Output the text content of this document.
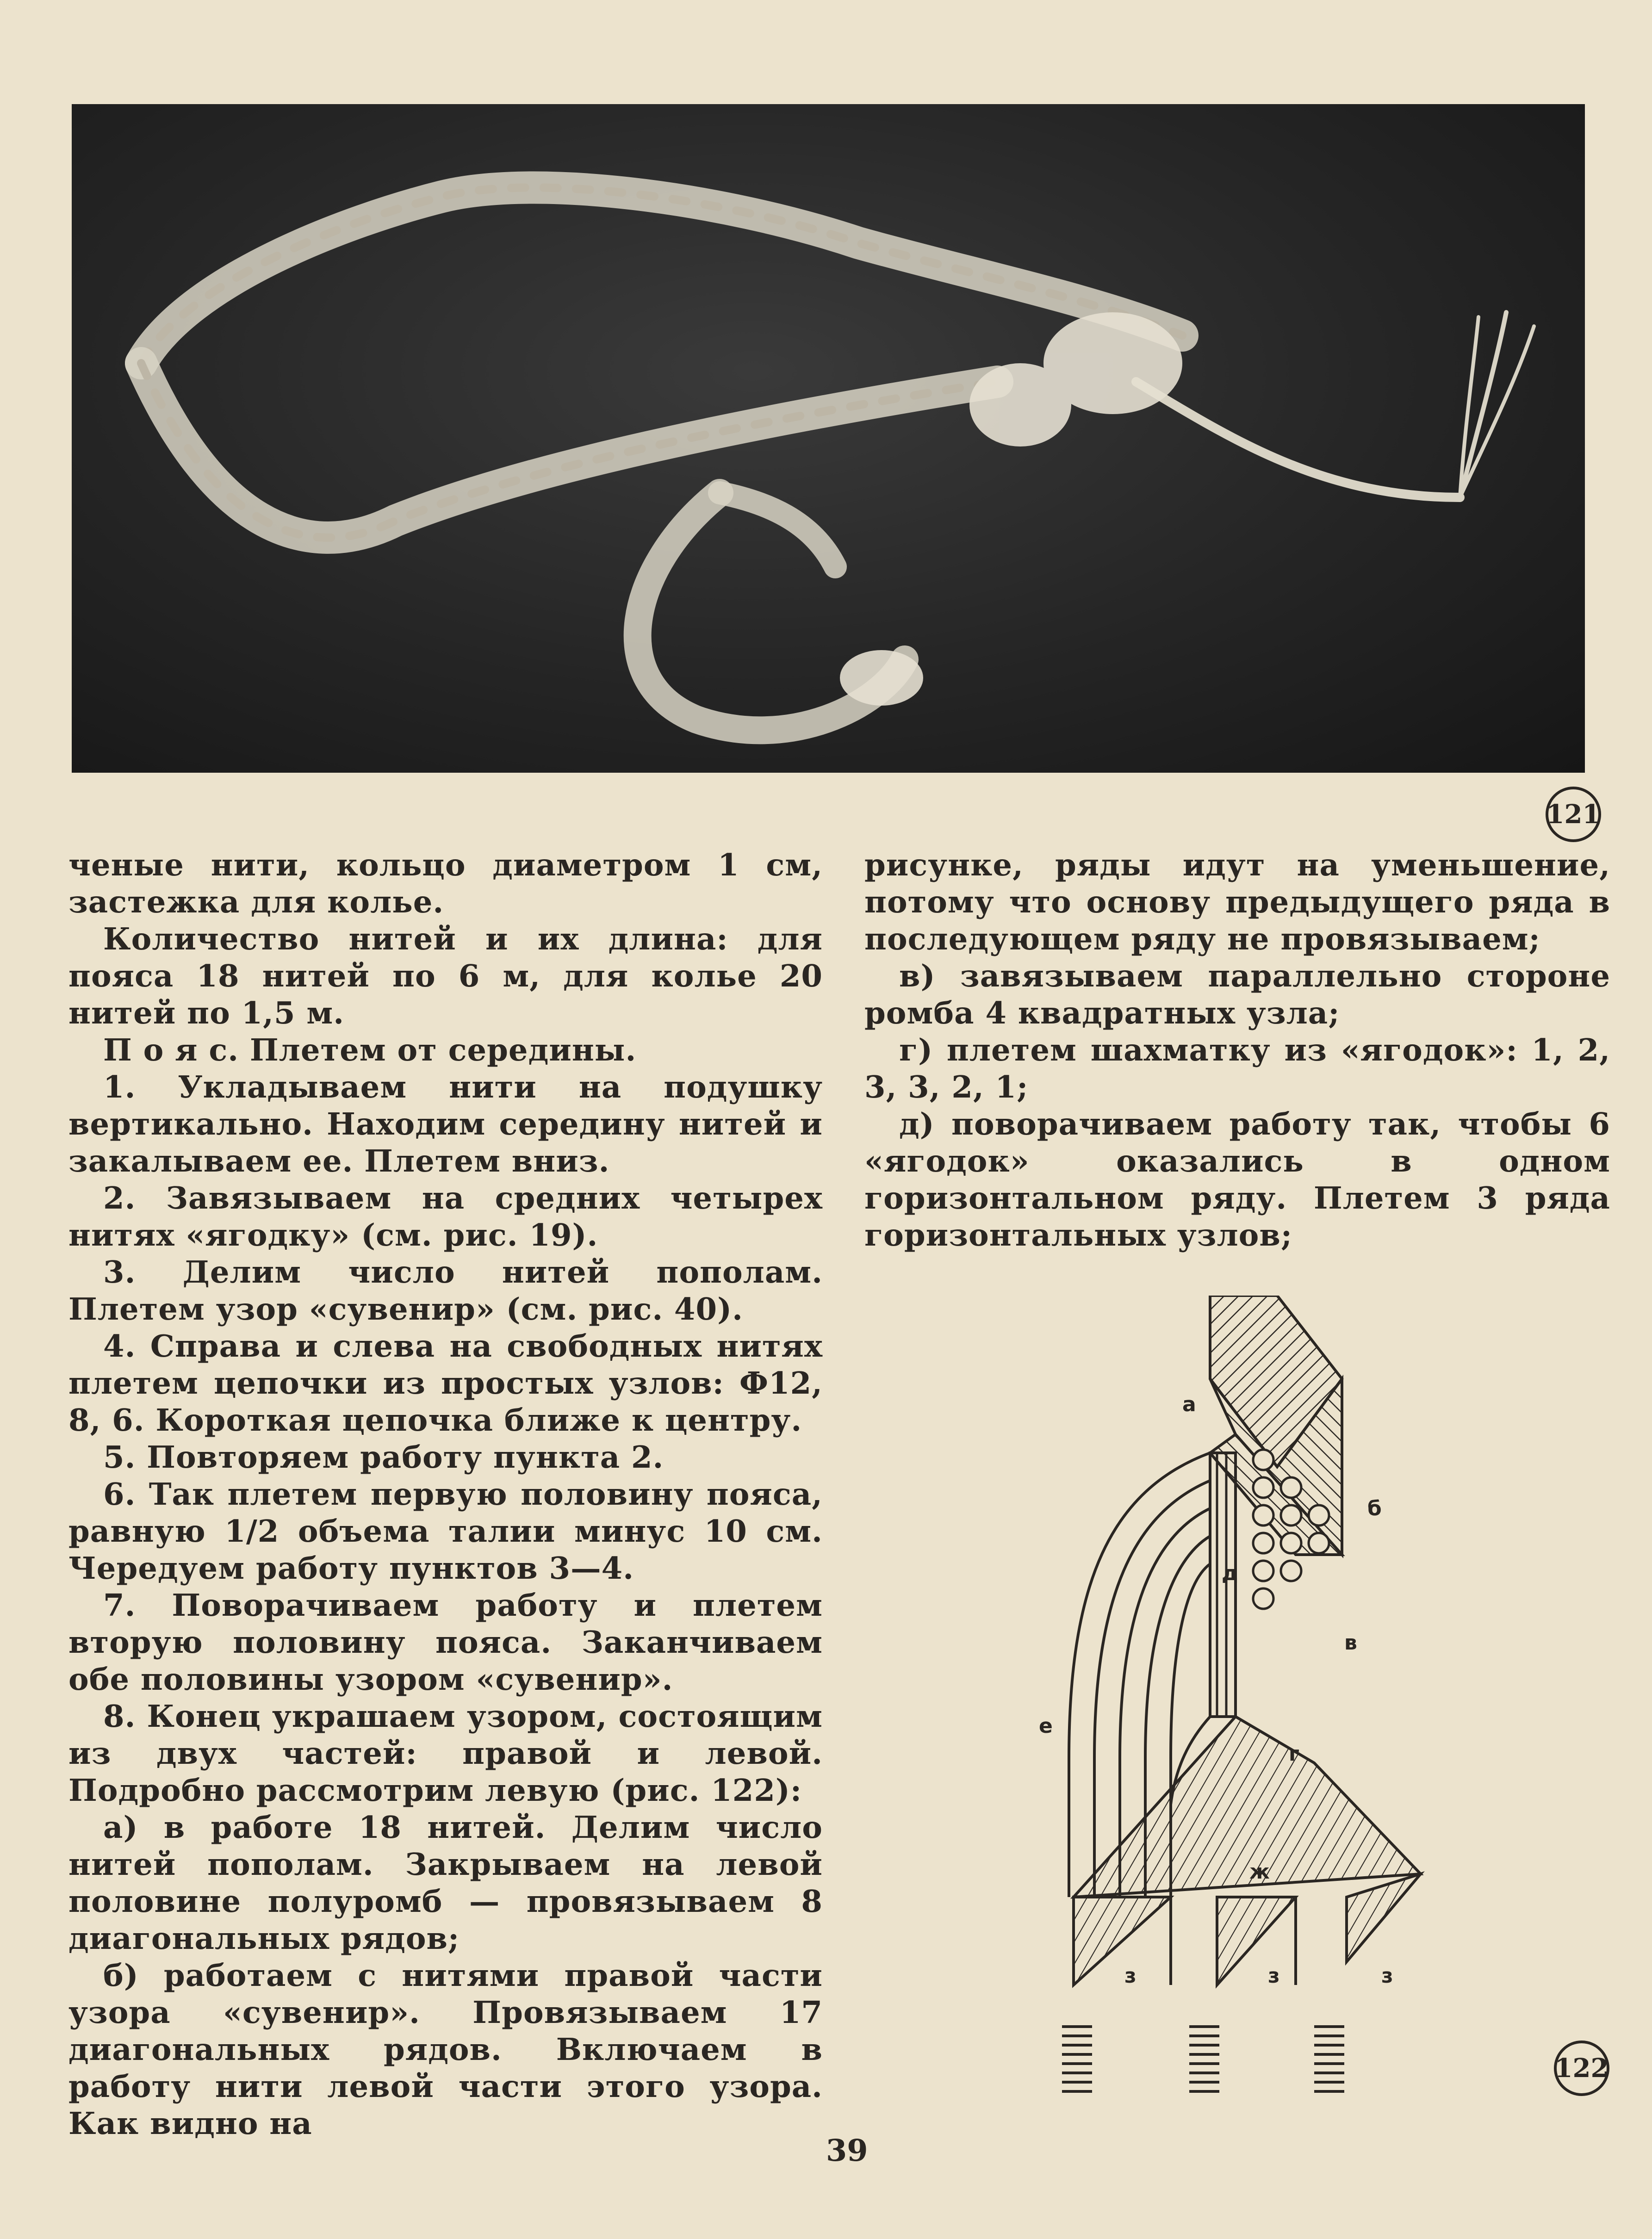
121

ченые нити, кольцо диаметром 1 см, застежка для колье.

Количество нитей и их длина: для пояса 18 нитей по 6 м, для колье 20 нитей по 1,5 м.

П о я с. Плетем от середины.

1. Укладываем нити на подушку вертикально. Находим середину нитей и закалываем ее. Плетем вниз.

2. Завязываем на средних четырех нитях «ягодку» (см. рис. 19).

3. Делим число нитей пополам. Плетем узор «сувенир» (см. рис. 40).

4. Справа и слева на свободных нитях плетем цепочки из простых узлов: Ф12, 8, 6. Короткая цепочка ближе к центру.

5. Повторяем работу пункта 2.

6. Так плетем первую половину пояса, равную 1/2 объема талии минус 10 см. Чередуем работу пунктов 3—4.

7. Поворачиваем работу и плетем вторую половину пояса. Заканчиваем обе половины узором «сувенир».

8. Конец украшаем узором, состоящим из двух частей: правой и левой. Подробно рассмотрим левую (рис. 122):

а) в работе 18 нитей. Делим число нитей пополам. Закрываем на левой половине полуромб — провязываем 8 диагональных рядов;

б) работаем с нитями правой части узора «сувенир». Провязываем 17 диагональных рядов. Включаем в работу нити левой части этого узора. Как видно на

рисунке, ряды идут на уменьшение, потому что основу предыдущего ряда в последующем ряду не провязываем;

в) завязываем параллельно стороне ромба 4 квадратных узла;

г) плетем шахматку из «ягодок»: 1, 2, 3, 3, 2, 1;

д) поворачиваем работу так, чтобы 6 «ягодок» оказались в одном горизонтальном ряду. Плетем 3 ряда горизонтальных узлов;

а
б
в
г
д
е
ж
з	з	з
122
39
